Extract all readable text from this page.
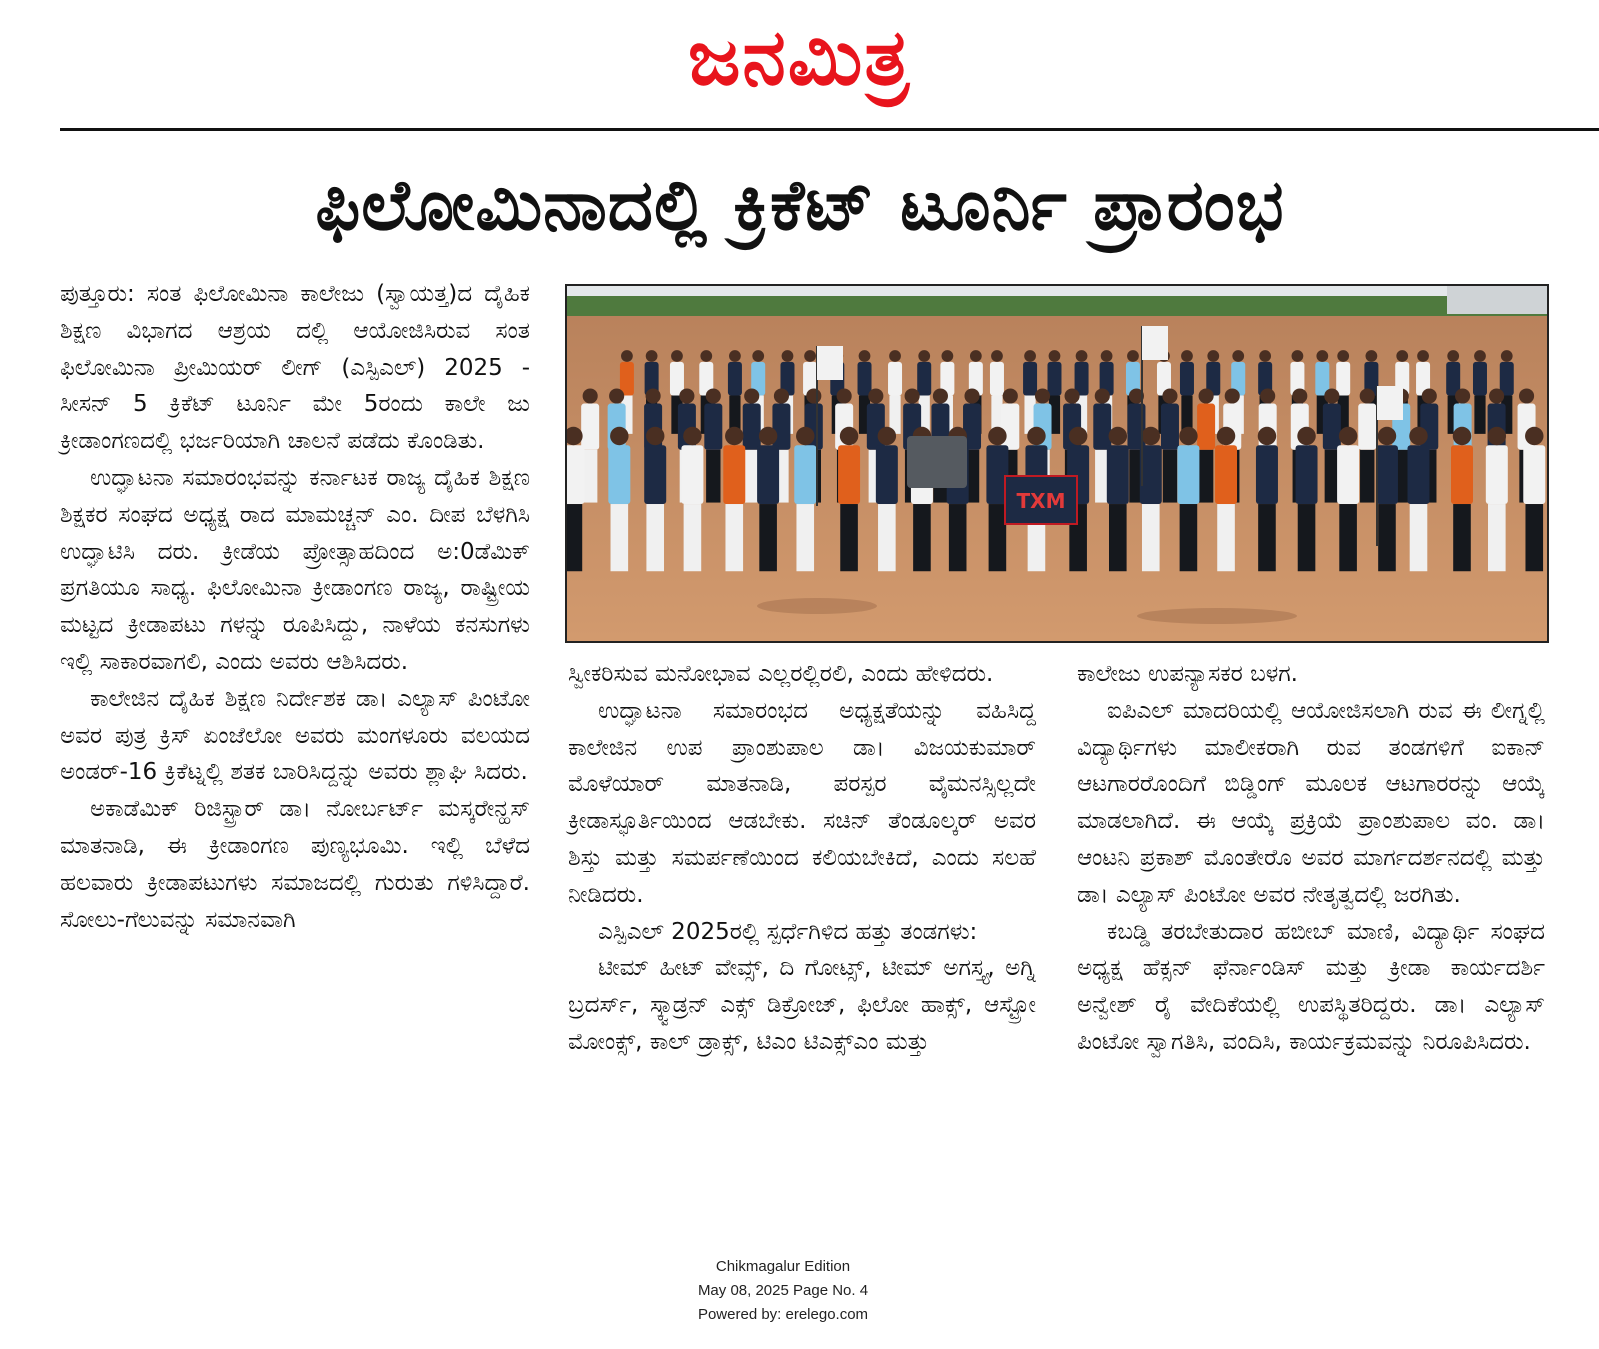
ಜನಮಿತ್ರ
ಫಿಲೋಮಿನಾದಲ್ಲಿ ಕ್ರಿಕೆಟ್ ಟೂರ್ನಿ ಪ್ರಾರಂಭ

ಪುತ್ತೂರು: ಸಂತ ಫಿಲೋಮಿನಾ ಕಾಲೇಜು (ಸ್ವಾಯತ್ತ)ದ ದೈಹಿಕ ಶಿಕ್ಷಣ ವಿಭಾಗದ ಆಶ್ರಯ ದಲ್ಲಿ ಆಯೋಜಿಸಿರುವ ಸಂತ ಫಿಲೋಮಿನಾ ಪ್ರೀಮಿಯರ್ ಲೀಗ್ (ಎಸ್ಪಿಎಲ್) 2025 - ಸೀಸನ್ 5 ಕ್ರಿಕೆಟ್ ಟೂರ್ನಿ ಮೇ 5ರಂದು ಕಾಲೇ ಜು ಕ್ರೀಡಾಂಗಣದಲ್ಲಿ ಭರ್ಜರಿಯಾಗಿ ಚಾಲನೆ ಪಡೆದು ಕೊಂಡಿತು.

ಉದ್ಘಾಟನಾ ಸಮಾರಂಭವನ್ನು ಕರ್ನಾಟಕ ರಾಜ್ಯ ದೈಹಿಕ ಶಿಕ್ಷಣ ಶಿಕ್ಷಕರ ಸಂಘದ ಅಧ್ಯಕ್ಷ ರಾದ ಮಾಮಚ್ಚನ್ ಎಂ. ದೀಪ ಬೆಳಗಿಸಿ ಉದ್ಘಾಟಿಸಿ ದರು. ಕ್ರೀಡೆಯ ಪ್ರೋತ್ಸಾಹದಿಂದ ಅ:0ಡೆಮಿಕ್ ಪ್ರಗತಿಯೂ ಸಾಧ್ಯ. ಫಿಲೋಮಿನಾ ಕ್ರೀಡಾಂಗಣ ರಾಜ್ಯ, ರಾಷ್ಟ್ರೀಯ ಮಟ್ಟದ ಕ್ರೀಡಾಪಟು ಗಳನ್ನು ರೂಪಿಸಿದ್ದು, ನಾಳೆಯ ಕನಸುಗಳು ಇಲ್ಲಿ ಸಾಕಾರವಾಗಲಿ, ಎಂದು ಅವರು ಆಶಿಸಿದರು.

ಕಾಲೇಜಿನ ದೈಹಿಕ ಶಿಕ್ಷಣ ನಿರ್ದೇಶಕ ಡಾ। ಎಲ್ಯಾಸ್ ಪಿಂಟೋ ಅವರ ಪುತ್ರ ಕ್ರಿಸ್ ಏಂಜೆಲೋ ಅವರು ಮಂಗಳೂರು ವಲಯದ ಅಂಡರ್-16 ಕ್ರಿಕೆಟ್ನಲ್ಲಿ ಶತಕ ಬಾರಿಸಿದ್ದನ್ನು ಅವರು ಶ್ಲಾಘಿ ಸಿದರು.

ಅಕಾಡೆಮಿಕ್ ರಿಜಿಸ್ಟ್ರಾರ್ ಡಾ। ನೋರ್ಬರ್ಟ್ ಮಸ್ಕರೇನ್ಹಸ್ ಮಾತನಾಡಿ, ಈ ಕ್ರೀಡಾಂಗಣ ಪುಣ್ಯಭೂಮಿ. ಇಲ್ಲಿ ಬೆಳೆದ ಹಲವಾರು ಕ್ರೀಡಾಪಟುಗಳು ಸಮಾಜದಲ್ಲಿ ಗುರುತು ಗಳಿಸಿದ್ದಾರೆ. ಸೋಲು-ಗೆಲುವನ್ನು ಸಮಾನವಾಗಿ

TXM

ಸ್ವೀಕರಿಸುವ ಮನೋಭಾವ ಎಲ್ಲರಲ್ಲಿರಲಿ, ಎಂದು ಹೇಳಿದರು.

ಉದ್ಘಾಟನಾ ಸಮಾರಂಭದ ಅಧ್ಯಕ್ಷತೆಯನ್ನು ವಹಿಸಿದ್ದ ಕಾಲೇಜಿನ ಉಪ ಪ್ರಾಂಶುಪಾಲ ಡಾ। ವಿಜಯಕುಮಾರ್ ಮೊಳೆಯಾರ್ ಮಾತನಾಡಿ, ಪರಸ್ಪರ ವೈಮನಸ್ಸಿಲ್ಲದೇ ಕ್ರೀಡಾಸ್ಫೂರ್ತಿಯಿಂದ ಆಡಬೇಕು. ಸಚಿನ್ ತೆಂಡೂಲ್ಕರ್ ಅವರ ಶಿಸ್ತು ಮತ್ತು ಸಮರ್ಪಣೆಯಿಂದ ಕಲಿಯಬೇಕಿದೆ, ಎಂದು ಸಲಹೆ ನೀಡಿದರು.

ಎಸ್ಪಿಎಲ್ 2025ರಲ್ಲಿ ಸ್ಪರ್ಧೆಗಿಳಿದ ಹತ್ತು ತಂಡಗಳು:

ಟೀಮ್ ಹೀಟ್ ವೇವ್ಸ್, ದಿ ಗೋಟ್ಸ್, ಟೀಮ್ ಅಗಸ್ತ್ಯ, ಅಗ್ನಿ ಬ್ರದರ್ಸ್, ಸ್ಕ್ವಾಡ್ರನ್ ಎಕ್ಸ್ ಡಿಕ್ರೋಜ್, ಫಿಲೋ ಹಾಕ್ಸ್, ಆಸ್ಟ್ರೋ ಮೋಂಕ್ಸ್, ಕಾಲ್ ಡ್ರಾಕ್ಸ್, ಟಿಎಂ ಟಿಎಕ್ಸ್ಎಂ ಮತ್ತು

ಕಾಲೇಜು ಉಪನ್ಯಾಸಕರ ಬಳಗ.

ಐಪಿಎಲ್ ಮಾದರಿಯಲ್ಲಿ ಆಯೋಜಿಸಲಾಗಿ ರುವ ಈ ಲೀಗ್ನಲ್ಲಿ ವಿದ್ಯಾರ್ಥಿಗಳು ಮಾಲೀಕರಾಗಿ ರುವ ತಂಡಗಳಿಗೆ ಐಕಾನ್ ಆಟಗಾರರೊಂದಿಗೆ ಬಿಡ್ಡಿಂಗ್ ಮೂಲಕ ಆಟಗಾರರನ್ನು ಆಯ್ಕೆ ಮಾಡಲಾಗಿದೆ. ಈ ಆಯ್ಕೆ ಪ್ರಕ್ರಿಯೆ ಪ್ರಾಂಶುಪಾಲ ವಂ. ಡಾ। ಆಂಟನಿ ಪ್ರಕಾಶ್ ಮೊಂತೇರೊ ಅವರ ಮಾರ್ಗದರ್ಶನದಲ್ಲಿ ಮತ್ತು ಡಾ। ಎಲ್ಯಾಸ್ ಪಿಂಟೋ ಅವರ ನೇತೃತ್ವದಲ್ಲಿ ಜರಗಿತು.

ಕಬಡ್ಡಿ ತರಬೇತುದಾರ ಹಬೀಬ್ ಮಾಣಿ, ವಿದ್ಯಾರ್ಥಿ ಸಂಘದ ಅಧ್ಯಕ್ಷ ಹೆಕ್ಸನ್ ಫೆರ್ನಾಂಡಿಸ್ ಮತ್ತು ಕ್ರೀಡಾ ಕಾರ್ಯದರ್ಶಿ ಅನ್ವೇಶ್ ರೈ ವೇದಿಕೆಯಲ್ಲಿ ಉಪಸ್ಥಿತರಿದ್ದರು. ಡಾ। ಎಲ್ಯಾಸ್ ಪಿಂಟೋ ಸ್ವಾಗತಿಸಿ, ವಂದಿಸಿ, ಕಾರ್ಯಕ್ರಮವನ್ನು ನಿರೂಪಿಸಿದರು.

Chikmagalur Edition
May 08, 2025 Page No. 4
Powered by: erelego.com
